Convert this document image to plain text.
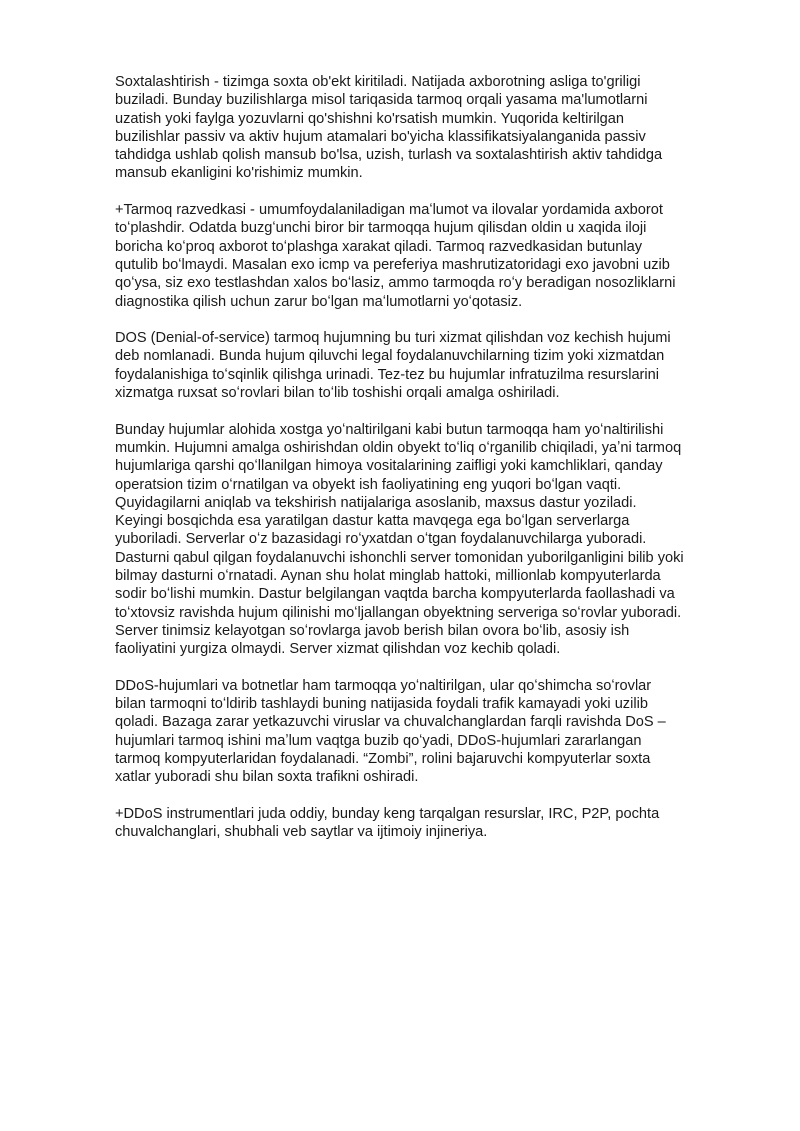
Soxtalashtirish - tizimga soxta ob'ekt kiritiladi. Natijada axborotning asliga to'griligi
buziladi. Bunday buzilishlarga misol tariqasida tarmoq orqali yasama ma'lumotlarni
uzatish yoki faylga yozuvlarni qo'shishni ko'rsatish mumkin. Yuqorida keltirilgan
buzilishlar passiv va aktiv hujum atamalari bo'yicha klassifikatsiyalanganida passiv
tahdidga ushlab qolish mansub bo'lsa, uzish, turlash va soxtalashtirish aktiv tahdidga
mansub ekanligini ko'rishimiz mumkin.

+Tarmoq razvedkasi - umumfoydalaniladigan maʻlumot va ilovalar yordamida axborot
toʻplashdir. Odatda buzgʻunchi biror bir tarmoqqa hujum qilisdan oldin u xaqida iloji
boricha koʻproq axborot toʻplashga xarakat qiladi. Tarmoq razvedkasidan butunlay
qutulib boʻlmaydi. Masalan exo icmp va pereferiya mashrutizatoridagi exo javobni uzib
qoʻysa, siz exo testlashdan xalos boʻlasiz, ammo tarmoqda roʻy beradigan nosozliklarni
diagnostika qilish uchun zarur boʻlgan maʻlumotlarni yoʻqotasiz.

DOS (Denial-of-service) tarmoq hujumning bu turi xizmat qilishdan voz kechish hujumi
deb nomlanadi. Bunda hujum qiluvchi legal foydalanuvchilarning tizim yoki xizmatdan
foydalanishiga toʻsqinlik qilishga urinadi. Tez-tez bu hujumlar infratuzilma resurslarini
xizmatga ruxsat soʻrovlari bilan toʻlib toshishi orqali amalga oshiriladi.

Bunday hujumlar alohida xostga yoʻnaltirilgani kabi butun tarmoqqa ham yoʻnaltirilishi
mumkin. Hujumni amalga oshirishdan oldin obyekt toʻliq oʻrganilib chiqiladi, yaʼni tarmoq
hujumlariga qarshi qoʻllanilgan himoya vositalarining zaifligi yoki kamchliklari, qanday
operatsion tizim oʻrnatilgan va obyekt ish faoliyatining eng yuqori boʻlgan vaqti.
Quyidagilarni aniqlab va tekshirish natijalariga asoslanib, maxsus dastur yoziladi.
Keyingi bosqichda esa yaratilgan dastur katta mavqega ega boʻlgan serverlarga
yuboriladi. Serverlar oʻz bazasidagi roʻyxatdan oʻtgan foydalanuvchilarga yuboradi.
Dasturni qabul qilgan foydalanuvchi ishonchli server tomonidan yuborilganligini bilib yoki
bilmay dasturni oʻrnatadi. Aynan shu holat minglab hattoki, millionlab kompyuterlarda
sodir boʻlishi mumkin. Dastur belgilangan vaqtda barcha kompyuterlarda faollashadi va
toʻxtovsiz ravishda hujum qilinishi moʻljallangan obyektning serveriga soʻrovlar yuboradi.
Server tinimsiz kelayotgan soʻrovlarga javob berish bilan ovora boʻlib, asosiy ish
faoliyatini yurgiza olmaydi. Server xizmat qilishdan voz kechib qoladi.

DDoS-hujumlari va botnetlar ham tarmoqqa yoʻnaltirilgan, ular qoʻshimcha soʻrovlar
bilan tarmoqni toʻldirib tashlaydi buning natijasida foydali trafik kamayadi yoki uzilib
qoladi. Bazaga zarar yetkazuvchi viruslar va chuvalchanglardan farqli ravishda DoS –
hujumlari tarmoq ishini maʼlum vaqtga buzib qoʻyadi, DDoS-hujumlari zararlangan
tarmoq kompyuterlaridan foydalanadi. “Zombi”, rolini bajaruvchi kompyuterlar soxta
xatlar yuboradi shu bilan soxta trafikni oshiradi.

+DDoS instrumentlari juda oddiy, bunday keng tarqalgan resurslar, IRC, P2P, pochta
chuvalchanglari, shubhali veb saytlar va ijtimoiy injineriya.
